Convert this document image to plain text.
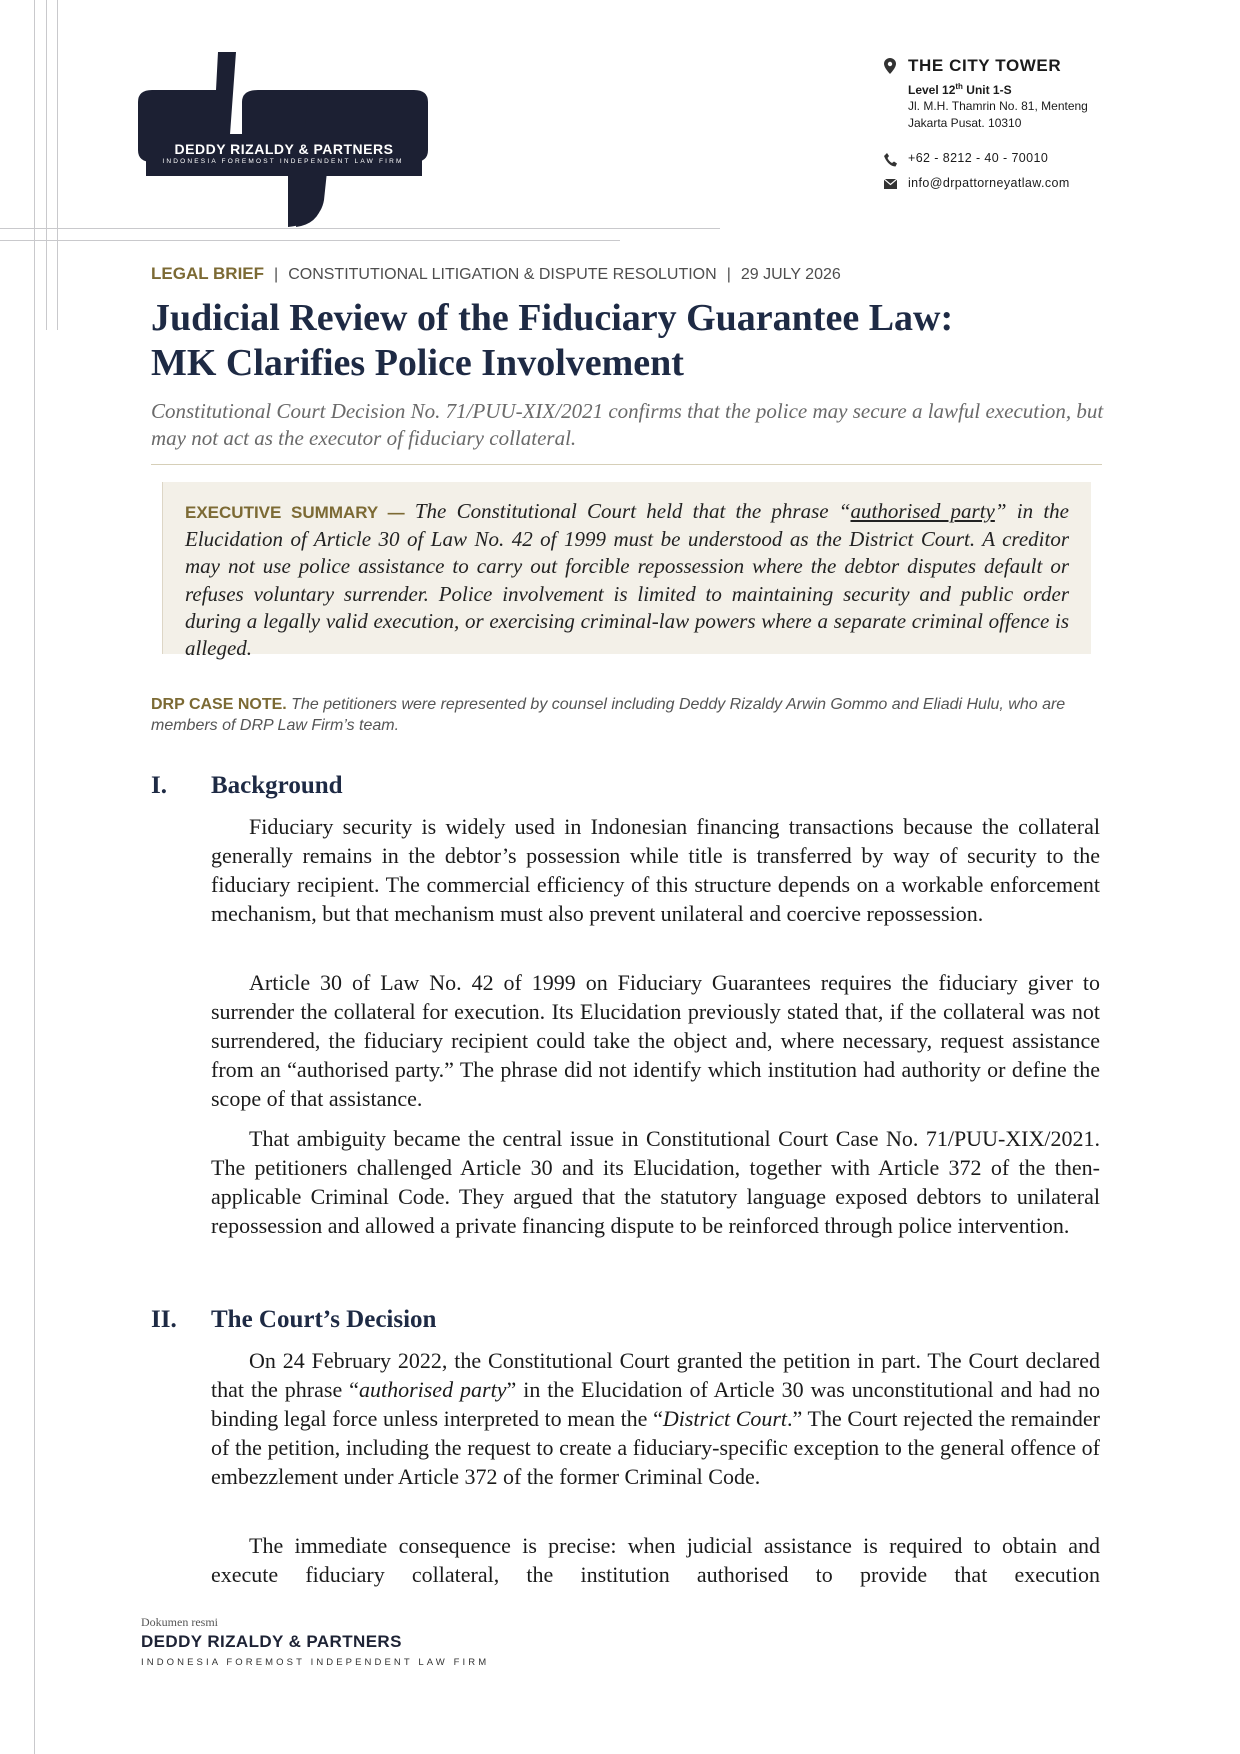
DEDDY RIZALDY & PARTNERS
INDONESIA FOREMOST INDEPENDENT LAW FIRM
THE CITY TOWER
Level 12th Unit 1-S
Jl. M.H. Thamrin No. 81, Menteng
Jakarta Pusat. 10310
+62 - 8212 - 40 - 70010
info@drpattorneyatlaw.com
LEGAL BRIEF | CONSTITUTIONAL LITIGATION & DISPUTE RESOLUTION | 29 JULY 2026
Judicial Review of the Fiduciary Guarantee Law:
MK Clarifies Police Involvement

Constitutional Court Decision No. 71/PUU-XIX/2021 confirms that the police may secure a lawful execution, but may not act as the executor of fiduciary collateral.

EXECUTIVE SUMMARY — The Constitutional Court held that the phrase “authorised party” in the Elucidation of Article 30 of Law No. 42 of 1999 must be understood as the District Court. A creditor may not use police assistance to carry out forcible repossession where the debtor disputes default or refuses voluntary surrender. Police involvement is limited to maintaining security and public order during a legally valid execution, or exercising criminal-law powers where a separate criminal offence is alleged.

DRP CASE NOTE. The petitioners were represented by counsel including Deddy Rizaldy Arwin Gommo and Eliadi Hulu, who are members of DRP Law Firm’s team.

I. Background

Fiduciary security is widely used in Indonesian financing transactions because the collateral generally remains in the debtor’s possession while title is transferred by way of security to the fiduciary recipient. The commercial efficiency of this structure depends on a workable enforcement mechanism, but that mechanism must also prevent unilateral and coercive repossession.

Article 30 of Law No. 42 of 1999 on Fiduciary Guarantees requires the fiduciary giver to surrender the collateral for execution. Its Elucidation previously stated that, if the collateral was not surrendered, the fiduciary recipient could take the object and, where necessary, request assistance from an “authorised party.” The phrase did not identify which institution had authority or define the scope of that assistance.

That ambiguity became the central issue in Constitutional Court Case No. 71/PUU-XIX/2021. The petitioners challenged Article 30 and its Elucidation, together with Article 372 of the then-applicable Criminal Code. They argued that the statutory language exposed debtors to unilateral repossession and allowed a private financing dispute to be reinforced through police intervention.

II. The Court’s Decision

On 24 February 2022, the Constitutional Court granted the petition in part. The Court declared that the phrase “authorised party” in the Elucidation of Article 30 was unconstitutional and had no binding legal force unless interpreted to mean the “District Court.” The Court rejected the remainder of the petition, including the request to create a fiduciary-specific exception to the general offence of embezzlement under Article 372 of the former Criminal Code.

The immediate consequence is precise: when judicial assistance is required to obtain and execute fiduciary collateral, the institution authorised to provide that execution

Dokumen resmi
DEDDY RIZALDY & PARTNERS
INDONESIA FOREMOST INDEPENDENT LAW FIRM
